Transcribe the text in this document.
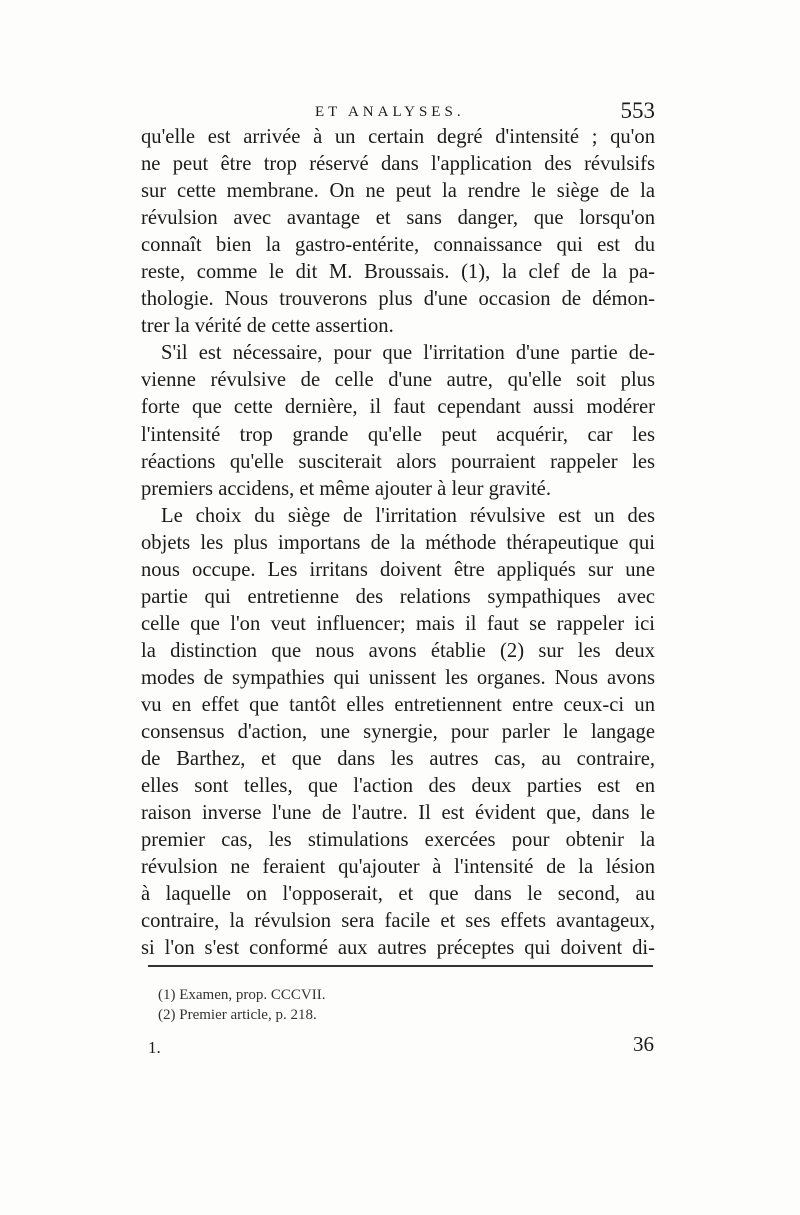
ET ANALYSES.	553
qu'elle est arrivée à un certain degré d'intensité ; qu'on
ne peut être trop réservé dans l'application des révulsifs
sur cette membrane. On ne peut la rendre le siège de la
révulsion avec avantage et sans danger, que lorsqu'on
connaît bien la gastro-entérite, connaissance qui est du
reste, comme le dit M. Broussais. (1), la clef de la pa-
thologie. Nous trouverons plus d'une occasion de démon-
trer la vérité de cette assertion.
S'il est nécessaire, pour que l'irritation d'une partie de-
vienne révulsive de celle d'une autre, qu'elle soit plus
forte que cette dernière, il faut cependant aussi modérer
l'intensité trop grande qu'elle peut acquérir, car les
réactions qu'elle susciterait alors pourraient rappeler les
premiers accidens, et même ajouter à leur gravité.
Le choix du siège de l'irritation révulsive est un des
objets les plus importans de la méthode thérapeutique qui
nous occupe. Les irritans doivent être appliqués sur une
partie qui entretienne des relations sympathiques avec
celle que l'on veut influencer; mais il faut se rappeler ici
la distinction que nous avons établie (2) sur les deux
modes de sympathies qui unissent les organes. Nous avons
vu en effet que tantôt elles entretiennent entre ceux-ci un
consensus d'action, une synergie, pour parler le langage
de Barthez, et que dans les autres cas, au contraire,
elles sont telles, que l'action des deux parties est en
raison inverse l'une de l'autre. Il est évident que, dans le
premier cas, les stimulations exercées pour obtenir la
révulsion ne feraient qu'ajouter à l'intensité de la lésion
à laquelle on l'opposerait, et que dans le second, au
contraire, la révulsion sera facile et ses effets avantageux,
si l'on s'est conformé aux autres préceptes qui doivent di-
(1) Examen, prop. CCCVII.
(2) Premier article, p. 218.
1.	36
